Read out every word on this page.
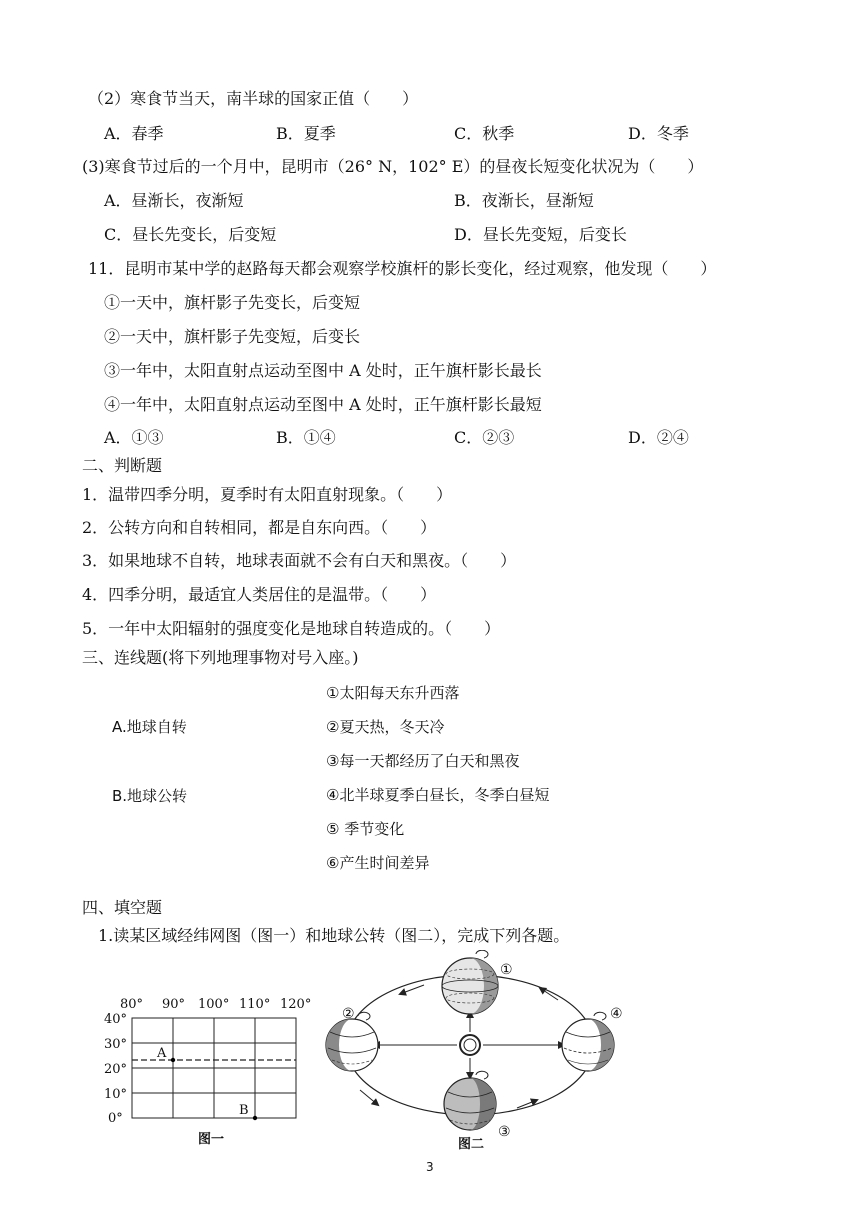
（2）寒食节当天，南半球的国家正值（　　）
A．春季	B．夏季	C．秋季	D．冬季
(3)寒食节过后的一个月中，昆明市（26° N，102° E）的昼夜长短变化状况为（　　）
A．昼渐长，夜渐短	B．夜渐长，昼渐短
C．昼长先变长，后变短	D．昼长先变短，后变长
11．昆明市某中学的赵路每天都会观察学校旗杆的影长变化，经过观察，他发现（　　）
①一天中，旗杆影子先变长，后变短
②一天中，旗杆影子先变短，后变长
③一年中，太阳直射点运动至图中 A 处时，正午旗杆影长最长
④一年中，太阳直射点运动至图中 A 处时，正午旗杆影长最短
A．①③	B．①④	C．②③	D．②④
二、判断题
1．温带四季分明，夏季时有太阳直射现象。（　　）
2．公转方向和自转相同，都是自东向西。（　　）
3．如果地球不自转，地球表面就不会有白天和黑夜。（　　）
4．四季分明，最适宜人类居住的是温带。（　　）
5．一年中太阳辐射的强度变化是地球自转造成的。（　　）
三、连线题(将下列地理事物对号入座。)
A.地球自转
B.地球公转
①太阳每天东升西落
②夏天热，冬天冷
③每一天都经历了白天和黑夜
④北半球夏季白昼长，冬季白昼短
⑤ 季节变化
⑥产生时间差异
四、填空题
1.读某区域经纬网图（图一）和地球公转（图二），完成下列各题。
80° 90° 100° 110° 120°
40°
30°
20°
10°
0°
A
B
图一
①
②
③
④
图二
3
